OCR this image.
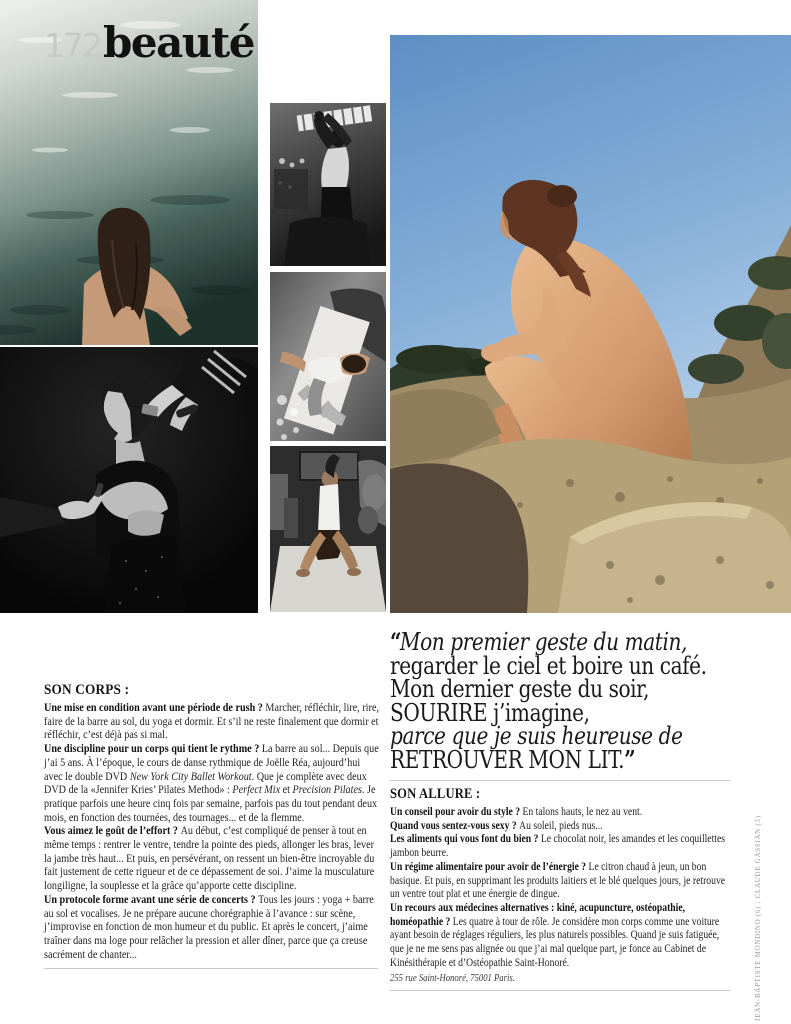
172 beauté
SON CORPS :

Une mise en condition avant une période de rush ? Marcher, réfléchir, lire, rire, faire de la barre au sol, du yoga et dormir. Et s’il ne reste finalement que dormir et réfléchir, c’est déjà pas si mal.

Une discipline pour un corps qui tient le rythme ? La barre au sol... Depuis que j’ai 5 ans. À l’époque, le cours de danse rythmique de Joëlle Réa, aujourd’hui avec le double DVD New York City Ballet Workout. Que je complète avec deux DVD de la «Jennifer Kries’ Pilates Method» : Perfect Mix et Precision Pilates. Je pratique parfois une heure cinq fois par semaine, parfois pas du tout pendant deux mois, en fonction des tournées, des tournages... et de la flemme.

Vous aimez le goût de l’effort ? Au début, c’est compliqué de penser à tout en même temps : rentrer le ventre, tendre la pointe des pieds, allonger les bras, lever la jambe très haut... Et puis, en persévérant, on ressent un bien-être incroyable du fait justement de cette rigueur et de ce dépassement de soi. J’aime la musculature longiligne, la souplesse et la grâce qu’apporte cette discipline.

Un protocole forme avant une série de concerts ? Tous les jours : yoga + barre au sol et vocalises. Je ne prépare aucune chorégraphie à l’avance : sur scène, j’improvise en fonction de mon humeur et du public. Et après le concert, j’aime traîner dans ma loge pour relâcher la pression et aller dîner, parce que ça creuse sacrément de chanter...

“Mon premier geste du matin,
regarder le ciel et boire un café.
Mon dernier geste du soir,
SOURIRE j’imagine,
parce que je suis heureuse de
RETROUVER MON LIT.”
SON ALLURE :

Un conseil pour avoir du style ? En talons hauts, le nez au vent.

Quand vous sentez-vous sexy ? Au soleil, pieds nus...

Les aliments qui vous font du bien ? Le chocolat noir, les amandes et les coquillettes jambon beurre.

Un régime alimentaire pour avoir de l’énergie ? Le citron chaud à jeun, un bon basique. Et puis, en supprimant les produits laitiers et le blé quelques jours, je retrouve un ventre tout plat et une énergie de dingue.

Un recours aux médecines alternatives : kiné, acupuncture, ostéopathie, homéopathie ? Les quatre à tour de rôle. Je considère mon corps comme une voiture ayant besoin de réglages réguliers, les plus naturels possibles. Quand je suis fatiguée, que je ne me sens pas alignée ou que j’ai mal quelque part, je fonce au Cabinet de Kinésithérapie et d’Ostéopathie Saint-Honoré.

255 rue Saint-Honoré, 75001 Paris.	JEAN-BAPTISTE MONDINO (6) ; CLAUDE GASSIAN (3)
